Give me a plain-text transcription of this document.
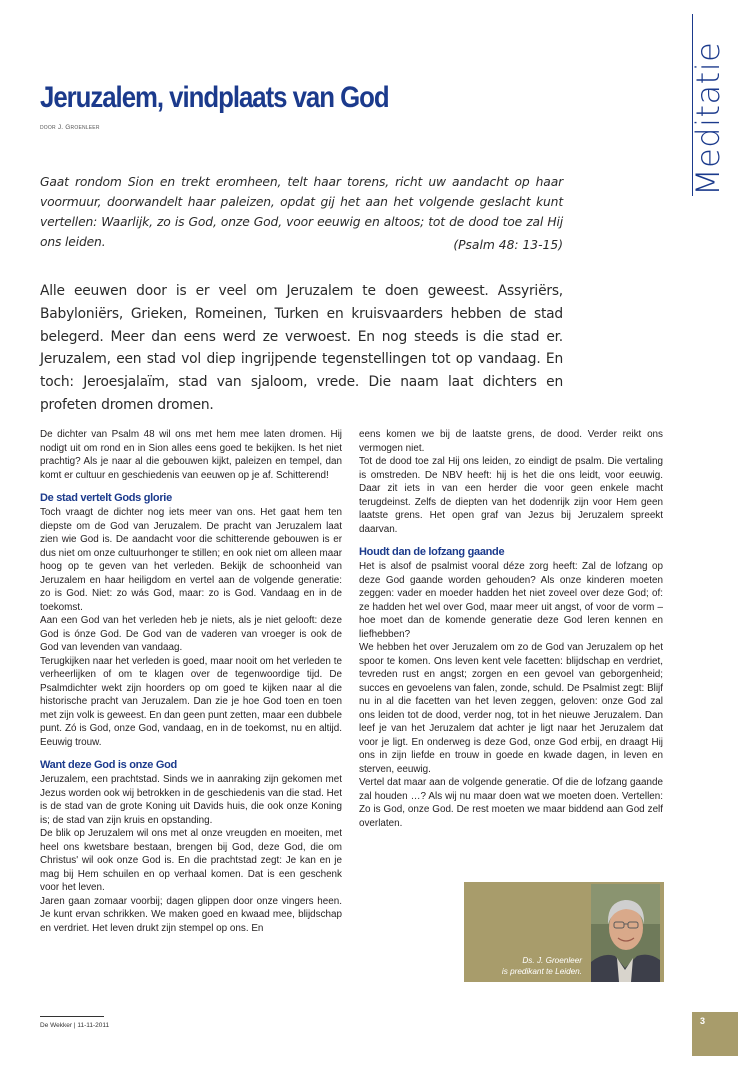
Meditatie
Jeruzalem, vindplaats van God
door J. Groenleer
Gaat rondom Sion en trekt eromheen, telt haar torens, richt uw aandacht op haar voormuur, doorwandelt haar paleizen, opdat gij het aan het volgende geslacht kunt vertellen: Waarlijk, zo is God, onze God, voor eeuwig en altoos; tot de dood toe zal Hij ons leiden.	(Psalm 48: 13-15)
Alle eeuwen door is er veel om Jeruzalem te doen geweest. Assyriërs, Babyloniërs, Grieken, Romeinen, Turken en kruisvaarders hebben de stad belegerd. Meer dan eens werd ze verwoest. En nog steeds is die stad er. Jeruzalem, een stad vol diep ingrijpende tegenstellingen tot op vandaag. En toch: Jeroesjalaïm, stad van sjaloom, vrede. Die naam laat dichters en profeten dromen dromen.

De dichter van Psalm 48 wil ons met hem mee laten dromen. Hij nodigt uit om rond en in Sion alles eens goed te bekijken. Is het niet prachtig? Als je naar al die gebouwen kijkt, paleizen en tempel, dan komt er cultuur en geschiedenis van eeuwen op je af. Schitterend!

De stad vertelt Gods glorie

Toch vraagt de dichter nog iets meer van ons. Het gaat hem ten diepste om de God van Jeruzalem. De pracht van Jeruzalem laat zien wie God is. De aandacht voor die schitterende gebouwen is er dus niet om onze cultuurhonger te stillen; en ook niet om alleen maar hoog op te geven van het verleden. Bekijk de schoonheid van Jeruzalem en haar heiligdom en vertel aan de volgende generatie: zo is God. Niet: zo wás God, maar: zo is God. Vandaag en in de toekomst.

Aan een God van het verleden heb je niets, als je niet gelooft: deze God is ónze God. De God van de vaderen van vroeger is ook de God van levenden van vandaag.

Terugkijken naar het verleden is goed, maar nooit om het verleden te verheerlijken of om te klagen over de tegenwoordige tijd. De Psalmdichter wekt zijn hoorders op om goed te kijken naar al die historische pracht van Jeruzalem. Dan zie je hoe God toen en toen met zijn volk is geweest. En dan geen punt zetten, maar een dubbele punt. Zó is God, onze God, vandaag, en in de toekomst, nu en altijd. Eeuwig trouw.

Want deze God is onze God

Jeruzalem, een prachtstad. Sinds we in aanraking zijn gekomen met Jezus worden ook wij betrokken in de geschiedenis van die stad. Het is de stad van de grote Koning uit Davids huis, die ook onze Koning is; de stad van zijn kruis en opstanding.

De blik op Jeruzalem wil ons met al onze vreugden en moeiten, met heel ons kwetsbare bestaan, brengen bij God, deze God, die om Christus' wil ook onze God is. En die prachtstad zegt: Je kan en je mag bij Hem schuilen en op verhaal komen. Dat is een geschenk voor het leven.

Jaren gaan zomaar voorbij; dagen glippen door onze vingers heen. Je kunt ervan schrikken. We maken goed en kwaad mee, blijdschap en verdriet. Het leven drukt zijn stempel op ons. En

eens komen we bij de laatste grens, de dood. Verder reikt ons vermogen niet.

Tot de dood toe zal Hij ons leiden, zo eindigt de psalm. Die vertaling is omstreden. De NBV heeft: hij is het die ons leidt, voor eeuwig. Daar zit iets in van een herder die voor geen enkele macht terugdeinst. Zelfs de diepten van het dodenrijk zijn voor Hem geen laatste grens. Het open graf van Jezus bij Jeruzalem spreekt daarvan.

Houdt dan de lofzang gaande

Het is alsof de psalmist vooral déze zorg heeft: Zal de lofzang op deze God gaande worden gehouden? Als onze kinderen moeten zeggen: vader en moeder hadden het niet zoveel over deze God; of: ze hadden het wel over God, maar meer uit angst, of voor de vorm – hoe moet dan de komende generatie deze God leren kennen en liefhebben?

We hebben het over Jeruzalem om zo de God van Jeruzalem op het spoor te komen. Ons leven kent vele facetten: blijdschap en verdriet, tevreden rust en angst; zorgen en een gevoel van geborgenheid; succes en gevoelens van falen, zonde, schuld. De Psalmist zegt: Blijf nu in al die facetten van het leven zeggen, geloven: onze God zal ons leiden tot de dood, verder nog, tot in het nieuwe Jeruzalem. Dan leef je van het Jeruzalem dat achter je ligt naar het Jeruzalem dat voor je ligt. En onderweg is deze God, onze God erbij, en draagt Hij ons in zijn liefde en trouw in goede en kwade dagen, in leven en sterven, eeuwig.

Vertel dat maar aan de volgende generatie. Of die de lofzang gaande zal houden …? Als wij nu maar doen wat we moeten doen. Vertellen: Zo is God, onze God. De rest moeten we maar biddend aan God zelf overlaten.

Ds. J. Groenleer
is predikant te Leiden.
De Wekker | 11-11-2011	3
